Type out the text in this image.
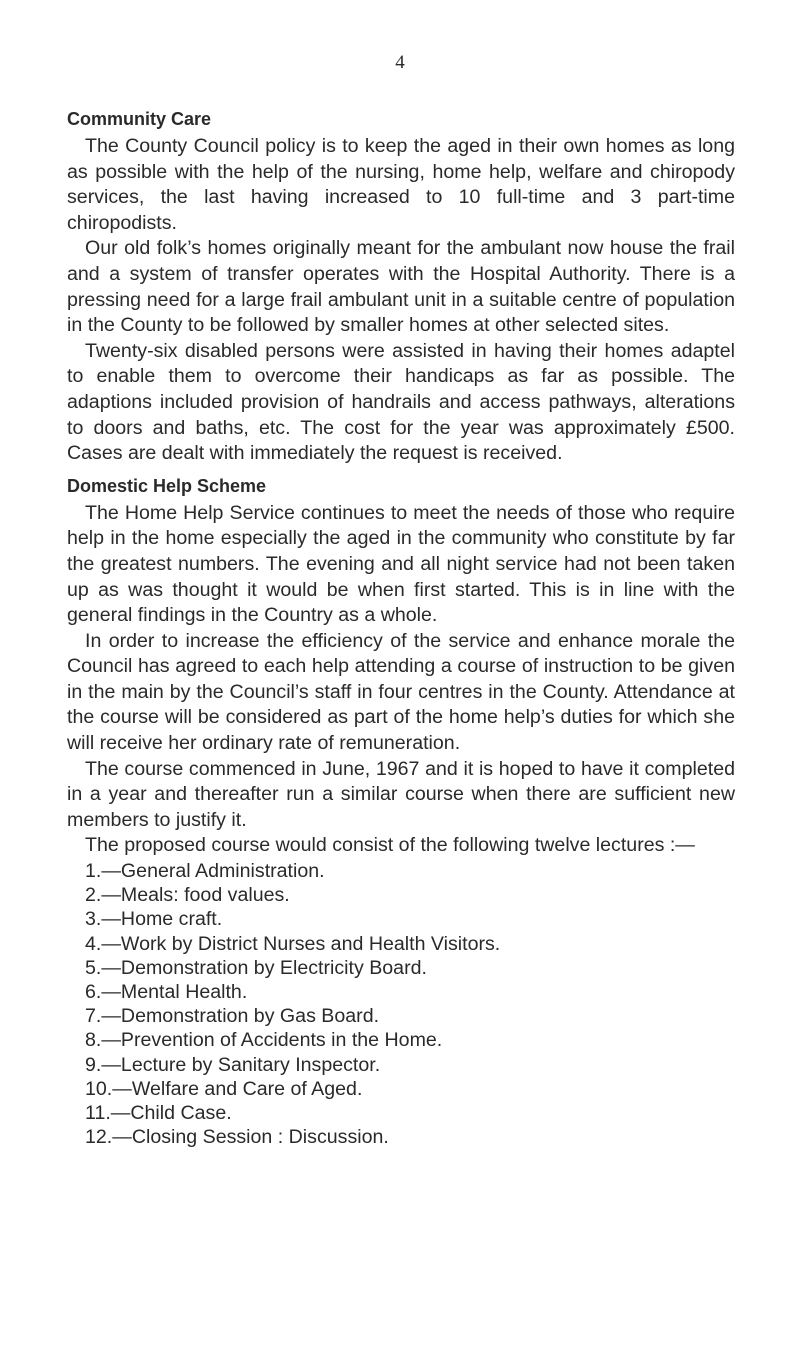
4
Community Care

The County Council policy is to keep the aged in their own homes as long as possible with the help of the nursing, home help, welfare and chiropody services, the last having increased to 10 full-time and 3 part-time chiropodists.

Our old folk’s homes originally meant for the ambulant now house the frail and a system of transfer operates with the Hospital Authority. There is a pressing need for a large frail ambulant unit in a suitable centre of population in the County to be followed by smaller homes at other selected sites.

Twenty-six disabled persons were assisted in having their homes adaptel to enable them to overcome their handicaps as far as possible. The adaptions included provision of handrails and access pathways, alterations to doors and baths, etc. The cost for the year was approximately £500. Cases are dealt with immediately the request is received.

Domestic Help Scheme

The Home Help Service continues to meet the needs of those who require help in the home especially the aged in the community who constitute by far the greatest numbers. The evening and all night service had not been taken up as was thought it would be when first started. This is in line with the general findings in the Country as a whole.

In order to increase the efficiency of the service and enhance morale the Council has agreed to each help attending a course of instruction to be given in the main by the Council’s staff in four centres in the County. Attendance at the course will be considered as part of the home help’s duties for which she will receive her ordinary rate of remuneration.

The course commenced in June, 1967 and it is hoped to have it completed in a year and thereafter run a similar course when there are sufficient new members to justify it.

The proposed course would consist of the following twelve lectures :—

1.—General Administration.
2.—Meals: food values.
3.—Home craft.
4.—Work by District Nurses and Health Visitors.
5.—Demonstration by Electricity Board.
6.—Mental Health.
7.—Demonstration by Gas Board.
8.—Prevention of Accidents in the Home.
9.—Lecture by Sanitary Inspector.
10.—Welfare and Care of Aged.
11.—Child Case.
12.—Closing Session : Discussion.
